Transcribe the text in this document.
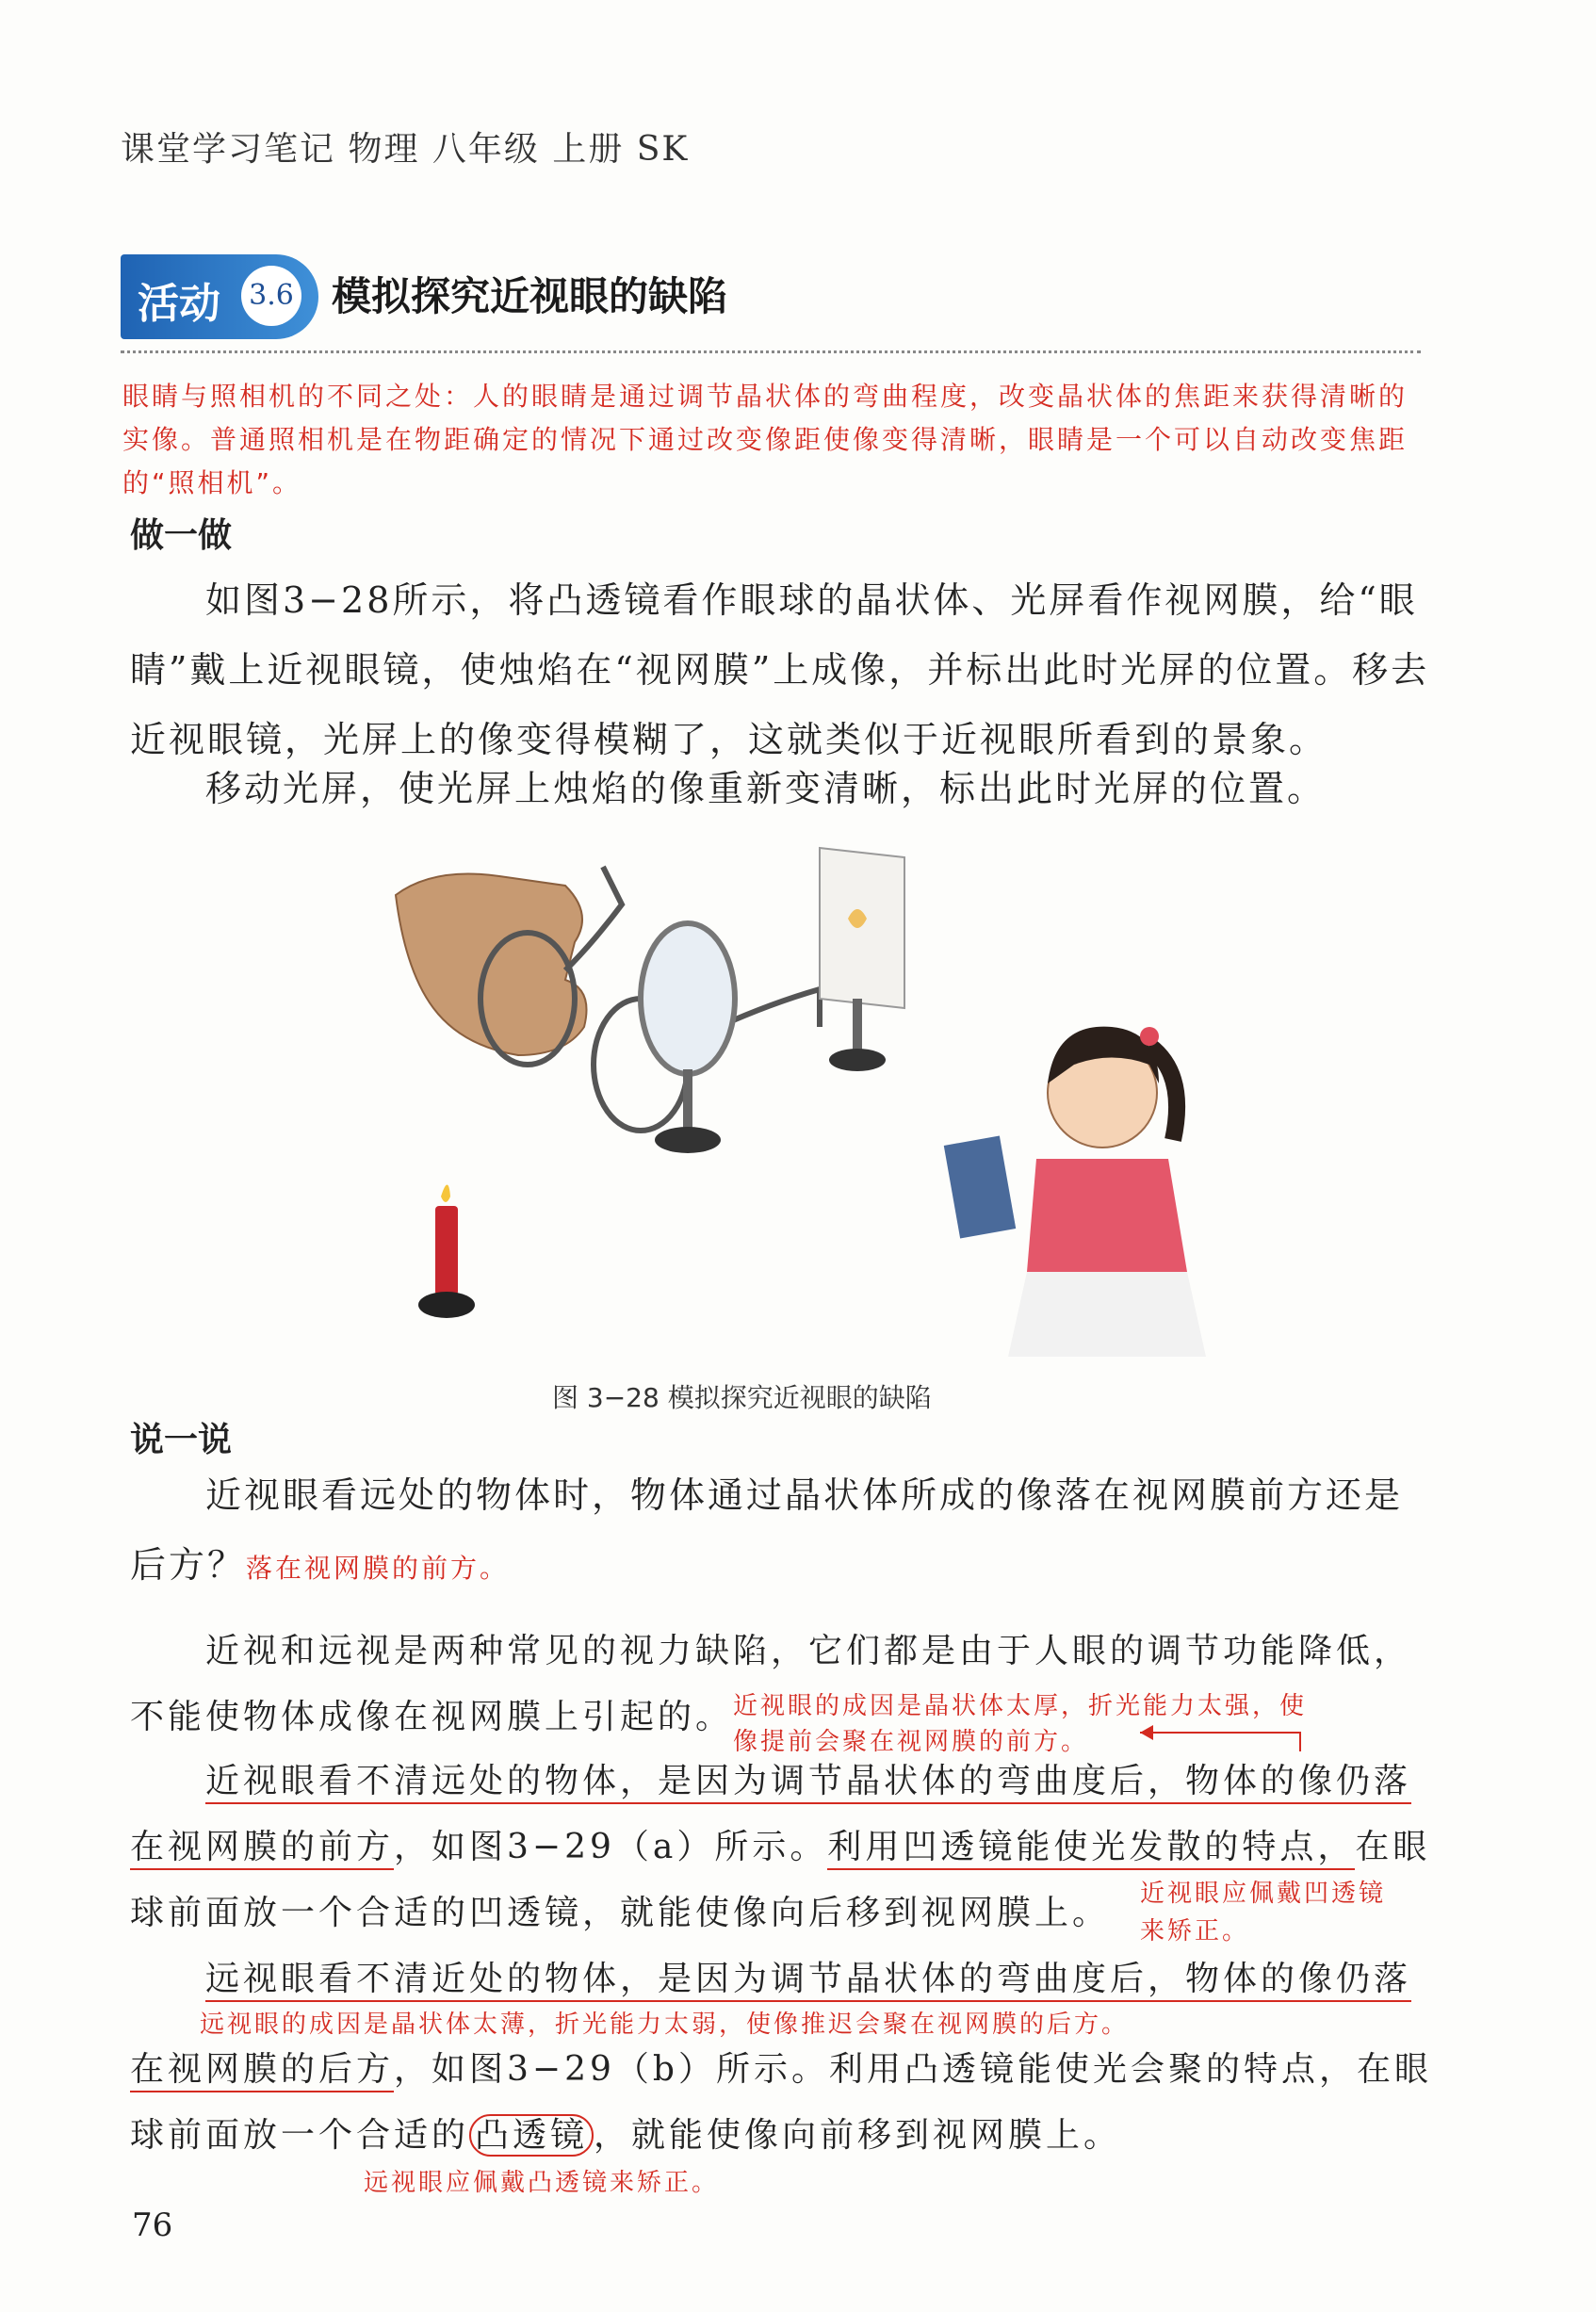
课堂学习笔记 物理 八年级 上册 SK
活动 3.6 模拟探究近视眼的缺陷
眼睛与照相机的不同之处：人的眼睛是通过调节晶状体的弯曲程度，改变晶状体的焦距来获得清晰的实像。普通照相机是在物距确定的情况下通过改变像距使像变得清晰，眼睛是一个可以自动改变焦距的“照相机”。
做一做
如图3−28所示，将凸透镜看作眼球的晶状体、光屏看作视网膜，给“眼睛”戴上近视眼镜，使烛焰在“视网膜”上成像，并标出此时光屏的位置。移去近视眼镜，光屏上的像变得模糊了，这就类似于近视眼所看到的景象。
移动光屏，使光屏上烛焰的像重新变清晰，标出此时光屏的位置。
图 3−28 模拟探究近视眼的缺陷
说一说
近视眼看远处的物体时，物体通过晶状体所成的像落在视网膜前方还是后方？落在视网膜的前方。
近视和远视是两种常见的视力缺陷，它们都是由于人眼的调节功能降低，不能使物体成像在视网膜上引起的。 近视眼的成因是晶状体太厚，折光能力太强，使
像提前会聚在视网膜的前方。
近视眼看不清远处的物体，是因为调节晶状体的弯曲度后，物体的像仍落
在视网膜的前方，如图3−29（a）所示。利用凹透镜能使光发散的特点，在眼
球前面放一个合适的凹透镜，就能使像向后移到视网膜上。	近视眼应佩戴凹透镜
来矫正。
远视眼看不清近处的物体，是因为调节晶状体的弯曲度后，物体的像仍落
远视眼的成因是晶状体太薄，折光能力太弱，使像推迟会聚在视网膜的后方。
在视网膜的后方，如图3−29（b）所示。利用凸透镜能使光会聚的特点，在眼
球前面放一个合适的 凸透镜 ，就能使像向前移到视网膜上。
远视眼应佩戴凸透镜来矫正。
76
